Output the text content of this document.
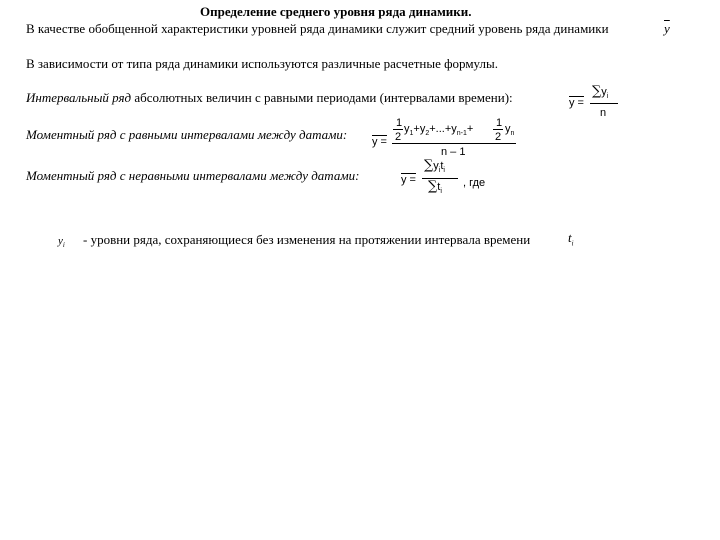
Определение среднего уровня ряда динамики.
В качестве обобщенной характеристики уровней ряда динамики служит средний уровень ряда динамики	$\overline{y}$
В зависимости от типа ряда динамики используются различные расчетные формулы.
Интервальный ряд абсолютных величин с равными периодами (интервалами времени):	y =
$\sum y_i$
n
Моментный ряд с равными интервалами между датами: y =
1
2
$y_1+y_2+...+y_{n-1}+ 1$
2
$y_n$
n – 1
Моментный ряд с неравными интервалами между датами:	y =
$\sum y_it_i$
$\sum t_i$
, где
$y_i$ - уровни ряда, сохраняющиеся без изменения на протяжении интервала времени	$t_i$
